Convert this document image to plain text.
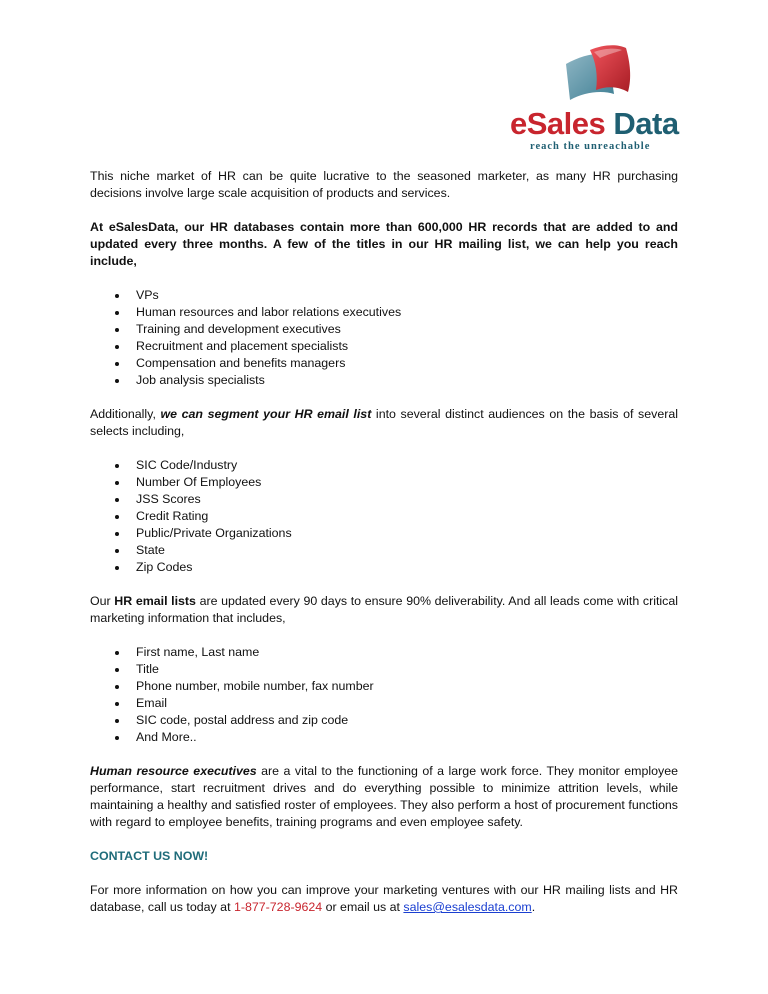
eSales Data
reach the unreachable

This niche market of HR can be quite lucrative to the seasoned marketer, as many HR purchasing decisions involve large scale acquisition of products and services.

At eSalesData, our HR databases contain more than 600,000 HR records that are added to and updated every three months. A few of the titles in our HR mailing list, we can help you reach include,

VPs
Human resources and labor relations executives
Training and development executives
Recruitment and placement specialists
Compensation and benefits managers
Job analysis specialists

Additionally, we can segment your HR email list into several distinct audiences on the basis of several selects including,

SIC Code/Industry
Number Of Employees
JSS Scores
Credit Rating
Public/Private Organizations
State
Zip Codes

Our HR email lists are updated every 90 days to ensure 90% deliverability. And all leads come with critical marketing information that includes,

First name, Last name
Title
Phone number, mobile number, fax number
Email
SIC code, postal address and zip code
And More..

Human resource executives are a vital to the functioning of a large work force. They monitor employee performance, start recruitment drives and do everything possible to minimize attrition levels, while maintaining a healthy and satisfied roster of employees. They also perform a host of procurement functions with regard to employee benefits, training programs and even employee safety.

CONTACT US NOW!

For more information on how you can improve your marketing ventures with our HR mailing lists and HR database, call us today at 1-877-728-9624 or email us at sales@esalesdata.com.
